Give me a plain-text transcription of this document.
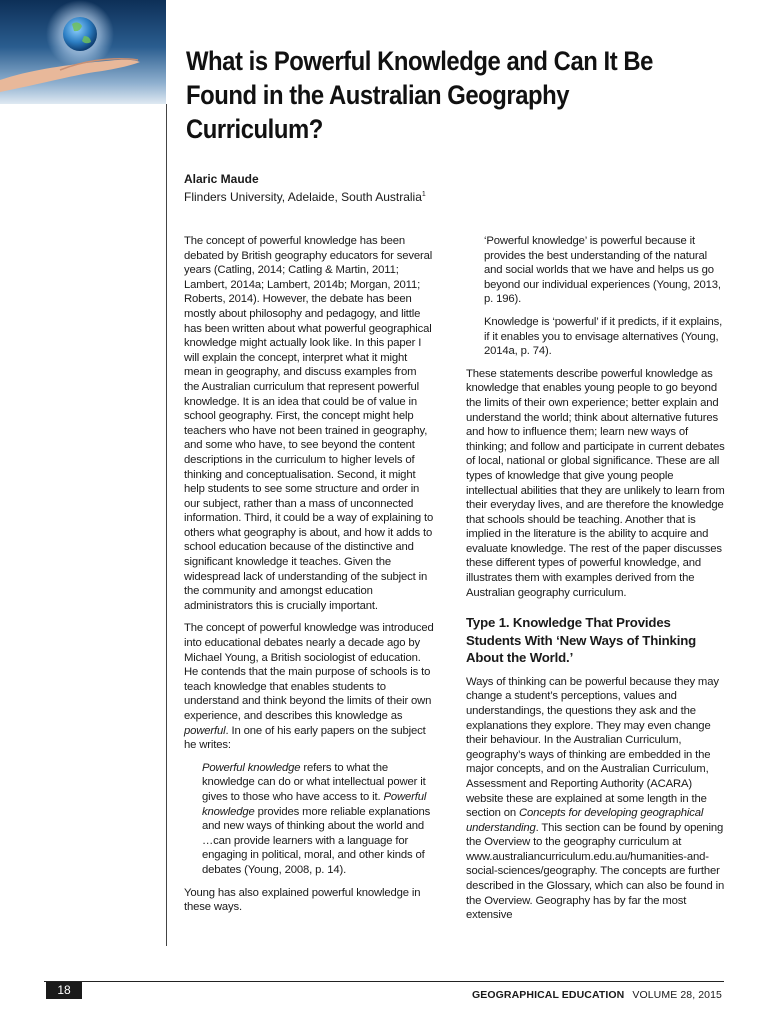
What is Powerful Knowledge and Can It Be Found in the Australian Geography Curriculum?
Alaric Maude
Flinders University, Adelaide, South Australia$^1$

The concept of powerful knowledge has been debated by British geography educators for several years (Catling, 2014; Catling & Martin, 2011; Lambert, 2014a; Lambert, 2014b; Morgan, 2011; Roberts, 2014). However, the debate has been mostly about philosophy and pedagogy, and little has been written about what powerful geographical knowledge might actually look like. In this paper I will explain the concept, interpret what it might mean in geography, and discuss examples from the Australian curriculum that represent powerful knowledge. It is an idea that could be of value in school geography. First, the concept might help teachers who have not been trained in geography, and some who have, to see beyond the content descriptions in the curriculum to higher levels of thinking and conceptualisation. Second, it might help students to see some structure and order in our subject, rather than a mass of unconnected information. Third, it could be a way of explaining to others what geography is about, and how it adds to school education because of the distinctive and significant knowledge it teaches. Given the widespread lack of understanding of the subject in the community and amongst education administrators this is crucially important.

The concept of powerful knowledge was introduced into educational debates nearly a decade ago by Michael Young, a British sociologist of education. He contends that the main purpose of schools is to teach knowledge that enables students to understand and think beyond the limits of their own experience, and describes this knowledge as powerful. In one of his early papers on the subject he writes:

Powerful knowledge refers to what the knowledge can do or what intellectual power it gives to those who have access to it. Powerful knowledge provides more reliable explanations and new ways of thinking about the world and …can provide learners with a language for engaging in political, moral, and other kinds of debates (Young, 2008, p. 14).

Young has also explained powerful knowledge in these ways.

‘Powerful knowledge’ is powerful because it provides the best understanding of the natural and social worlds that we have and helps us go beyond our individual experiences (Young, 2013, p. 196).

Knowledge is ‘powerful’ if it predicts, if it explains, if it enables you to envisage alternatives (Young, 2014a, p. 74).

These statements describe powerful knowledge as knowledge that enables young people to go beyond the limits of their own experience; better explain and understand the world; think about alternative futures and how to influence them; learn new ways of thinking; and follow and participate in current debates of local, national or global significance. These are all types of knowledge that give young people intellectual abilities that they are unlikely to learn from their everyday lives, and are therefore the knowledge that schools should be teaching. Another that is implied in the literature is the ability to acquire and evaluate knowledge. The rest of the paper discusses these different types of powerful knowledge, and illustrates them with examples derived from the Australian geography curriculum.

Type 1. Knowledge That Provides Students With ‘New Ways of Thinking About the World.’

Ways of thinking can be powerful because they may change a student’s perceptions, values and understandings, the questions they ask and the explanations they explore. They may even change their behaviour. In the Australian Curriculum, geography’s ways of thinking are embedded in the major concepts, and on the Australian Curriculum, Assessment and Reporting Authority (ACARA) website these are explained at some length in the section on Concepts for developing geographical understanding. This section can be found by opening the Overview to the geography curriculum at www.australiancurriculum.edu.au/humanities-and-social-sciences/geography. The concepts are further described in the Glossary, which can also be found in the Overview. Geography has by far the most extensive

18	GEOGRAPHICAL EDUCATION VOLUME 28, 2015
